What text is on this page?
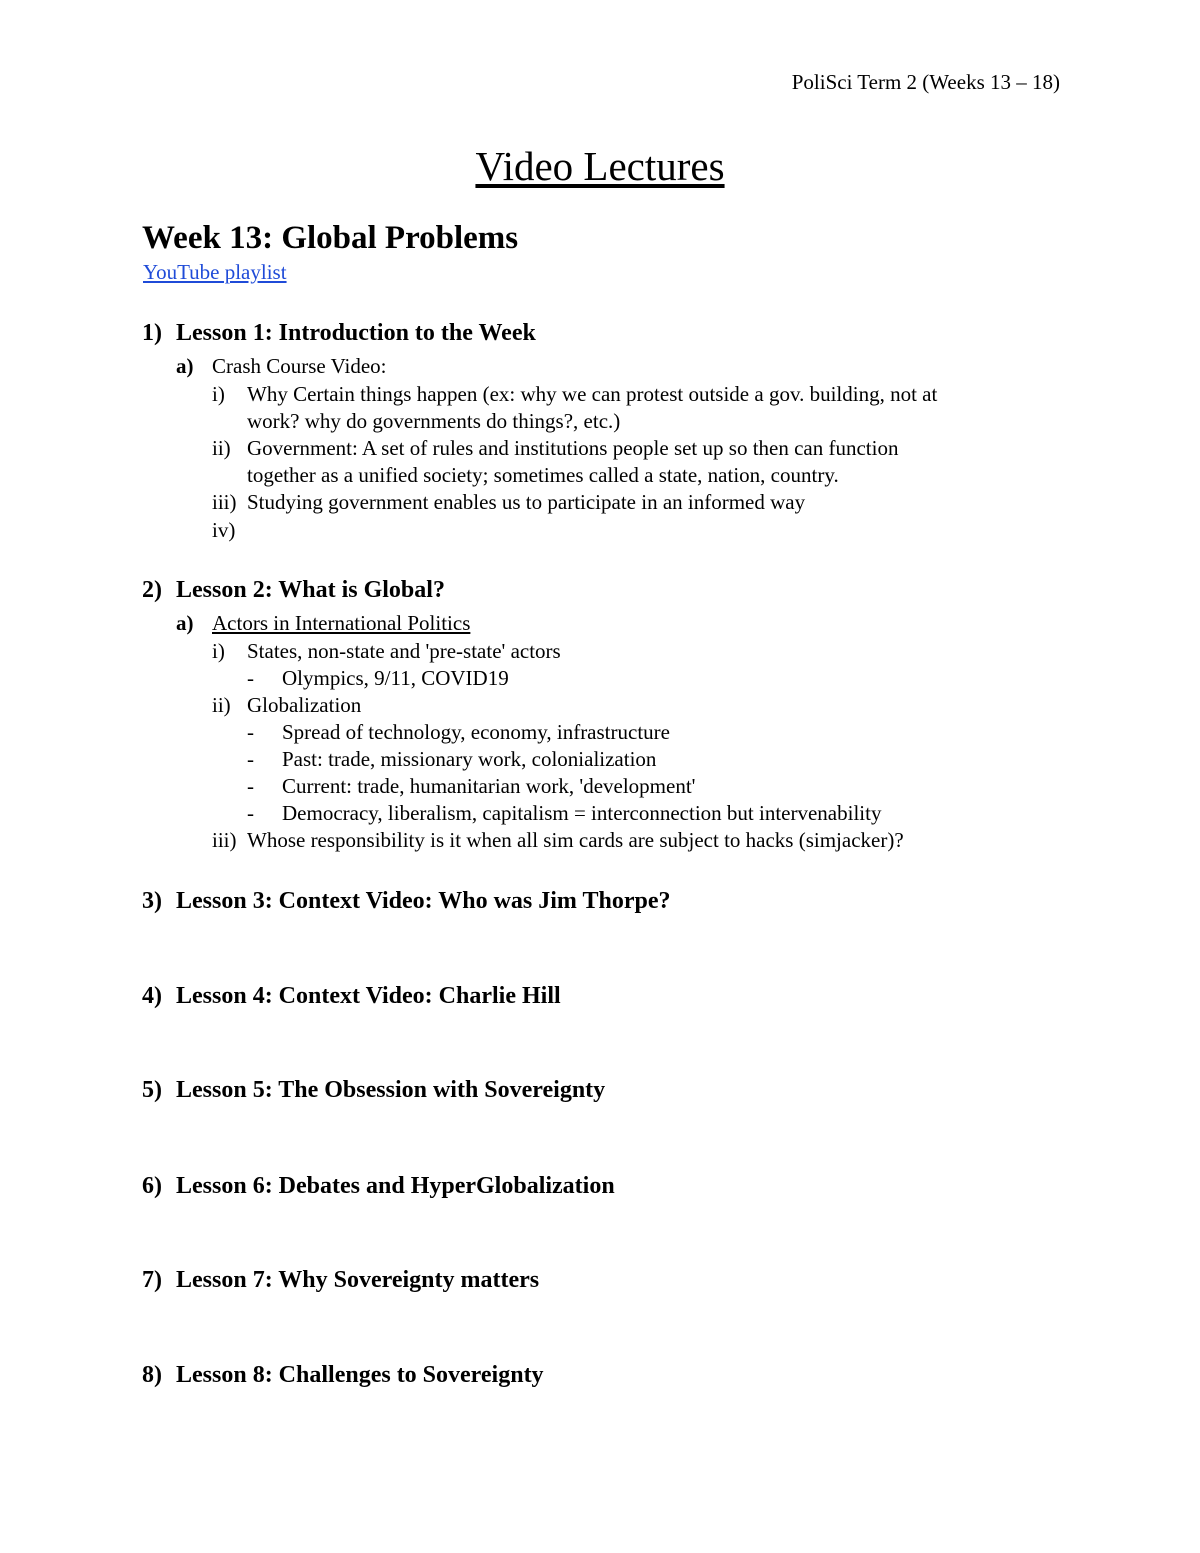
PoliSci Term 2 (Weeks 13 – 18)
Video Lectures
Week 13: Global Problems
YouTube playlist
1) Lesson 1: Introduction to the Week
a) Crash Course Video:
i) Why Certain things happen (ex: why we can protest outside a gov. building, not at
work? why do governments do things?, etc.)
ii) Government: A set of rules and institutions people set up so then can function
together as a unified society; sometimes called a state, nation, country.
iii) Studying government enables us to participate in an informed way
iv)
2) Lesson 2: What is Global?
a) Actors in International Politics
i) States, non-state and 'pre-state' actors
- Olympics, 9/11, COVID19
ii) Globalization
- Spread of technology, economy, infrastructure
- Past: trade, missionary work, colonialization
- Current: trade, humanitarian work, 'development'
- Democracy, liberalism, capitalism = interconnection but intervenability
iii) Whose responsibility is it when all sim cards are subject to hacks (simjacker)?
3) Lesson 3: Context Video: Who was Jim Thorpe?
4) Lesson 4: Context Video: Charlie Hill
5) Lesson 5: The Obsession with Sovereignty
6) Lesson 6: Debates and HyperGlobalization
7) Lesson 7: Why Sovereignty matters
8) Lesson 8: Challenges to Sovereignty
